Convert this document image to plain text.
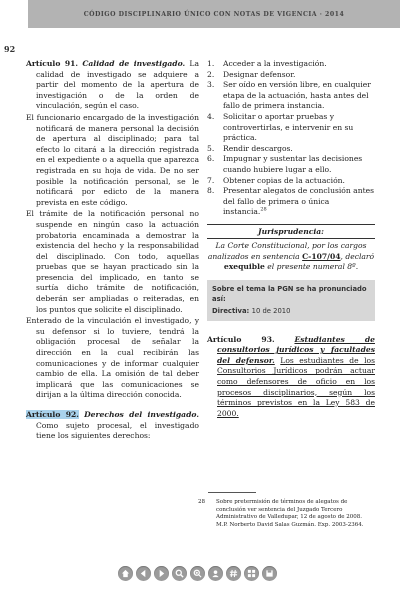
CÓDIGO DISCIPLINARIO ÚNICO CON NOTAS DE VIGENCIA · 2014
92

Artículo 91. Calidad de investigado. La calidad de investigado se adquiere a partir del momento de la apertura de investigación o de la orden de vinculación, según el caso.

El funcionario encargado de la investigación notificará de manera personal la decisión de apertura al disciplinado; para tal efecto lo citará a la dirección registrada en el expediente o a aquella que aparezca registrada en su hoja de vida. De no ser posible la notificación personal, se le notificará por edicto de la manera prevista en este código.

El trámite de la notificación personal no suspende en ningún caso la actuación probatoria encaminada a demostrar la existencia del hecho y la responsabilidad del disciplinado. Con todo, aquellas pruebas que se hayan practicado sin la presencia del implicado, en tanto se surtía dicho trámite de notificación, deberán ser ampliadas o reiteradas, en los puntos que solicite el disciplinado.

Enterado de la vinculación el investigado, y su defensor si lo tuviere, tendrá la obligación procesal de señalar la dirección en la cual recibirán las comunicaciones y de informar cualquier cambio de ella. La omisión de tal deber implicará que las comunicaciones se dirijan a la última dirección conocida.

Artículo 92. Derechos del investigado. Como sujeto procesal, el investigado tiene los siguientes derechos:

1. Acceder a la investigación.
2. Designar defensor.
3. Ser oído en versión libre, en cualquier etapa de la actuación, hasta antes del fallo de primera instancia.
4. Solicitar o aportar pruebas y controvertirlas, e intervenir en su práctica.
5. Rendir descargos.
6. Impugnar y sustentar las decisiones cuando hubiere lugar a ello.
7. Obtener copias de la actuación.
8. Presentar alegatos de conclusión antes del fallo de primera o única instancia.$^{28}$
Jurisprudencia:
La Corte Constitucional, por los cargos analizados en sentencia C-107/04, declaró exequible el presente numeral 8º.
Sobre el tema la PGN se ha pronunciado así:
Directiva: 10 de 2010

Artículo 93.	Estudiantes de consultorios jurídicos y facultades del defensor. Los estudiantes de los Consultorios Jurídicos podrán actuar como defensores de oficio en los procesos disciplinarios, según los términos previstos en la Ley 583 de 2000.

28	Sobre pretermisión de términos de alegatos de conclusión ver sentencia del Juzgado Tercero Administrativo de Valledupar, 12 de agosto de 2008. M.P. Norberto David Salas Guzmán. Exp. 2003-2364.
